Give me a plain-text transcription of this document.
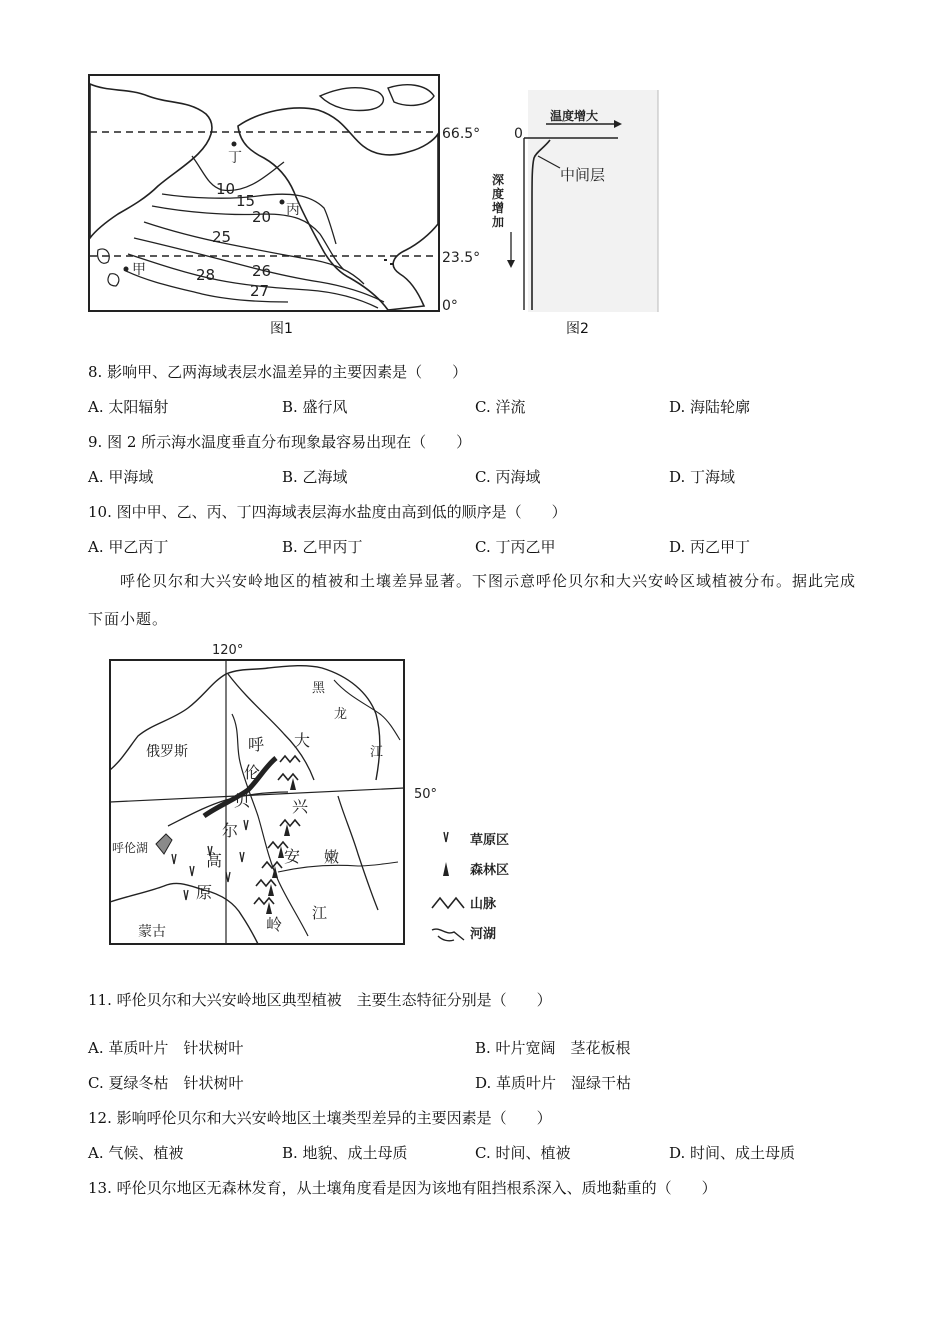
66.5°
23.5°
0°
10
15
20
25
26
27
28
甲
丙
丁
图1
0
温度增大
深
度
增
加
中间层
图2
8. 影响甲、乙两海域表层水温差异的主要因素是（　　）
A. 太阳辐射	B. 盛行风	C. 洋流	D. 海陆轮廓
9. 图 2 所示海水温度垂直分布现象最容易出现在（　　）
A. 甲海域	B. 乙海域	C. 丙海域	D. 丁海域
10. 图中甲、乙、丙、丁四海域表层海水盐度由高到低的顺序是（　　）
A. 甲乙丙丁	B. 乙甲丙丁	C. 丁丙乙甲	D. 丙乙甲丁
呼伦贝尔和大兴安岭地区的植被和土壤差异显著。下图示意呼伦贝尔和大兴安岭区域植被分布。据此完成下面小题。
120°
50°
俄罗斯
呼伦湖
蒙古
呼
伦
贝
尔
高
原
大
兴
安
岭
黑
龙
江
嫩
江
草原区
森林区
山脉
河湖
11. 呼伦贝尔和大兴安岭地区典型植被　主要生态特征分别是（　　）
A. 革质叶片　针状树叶	B. 叶片宽阔　茎花板根
C. 夏绿冬枯　针状树叶	D. 革质叶片　湿绿干枯
12. 影响呼伦贝尔和大兴安岭地区土壤类型差异的主要因素是（　　）
A. 气候、植被	B. 地貌、成土母质	C. 时间、植被	D. 时间、成土母质
13. 呼伦贝尔地区无森林发育，从土壤角度看是因为该地有阻挡根系深入、质地黏重的（　　）
